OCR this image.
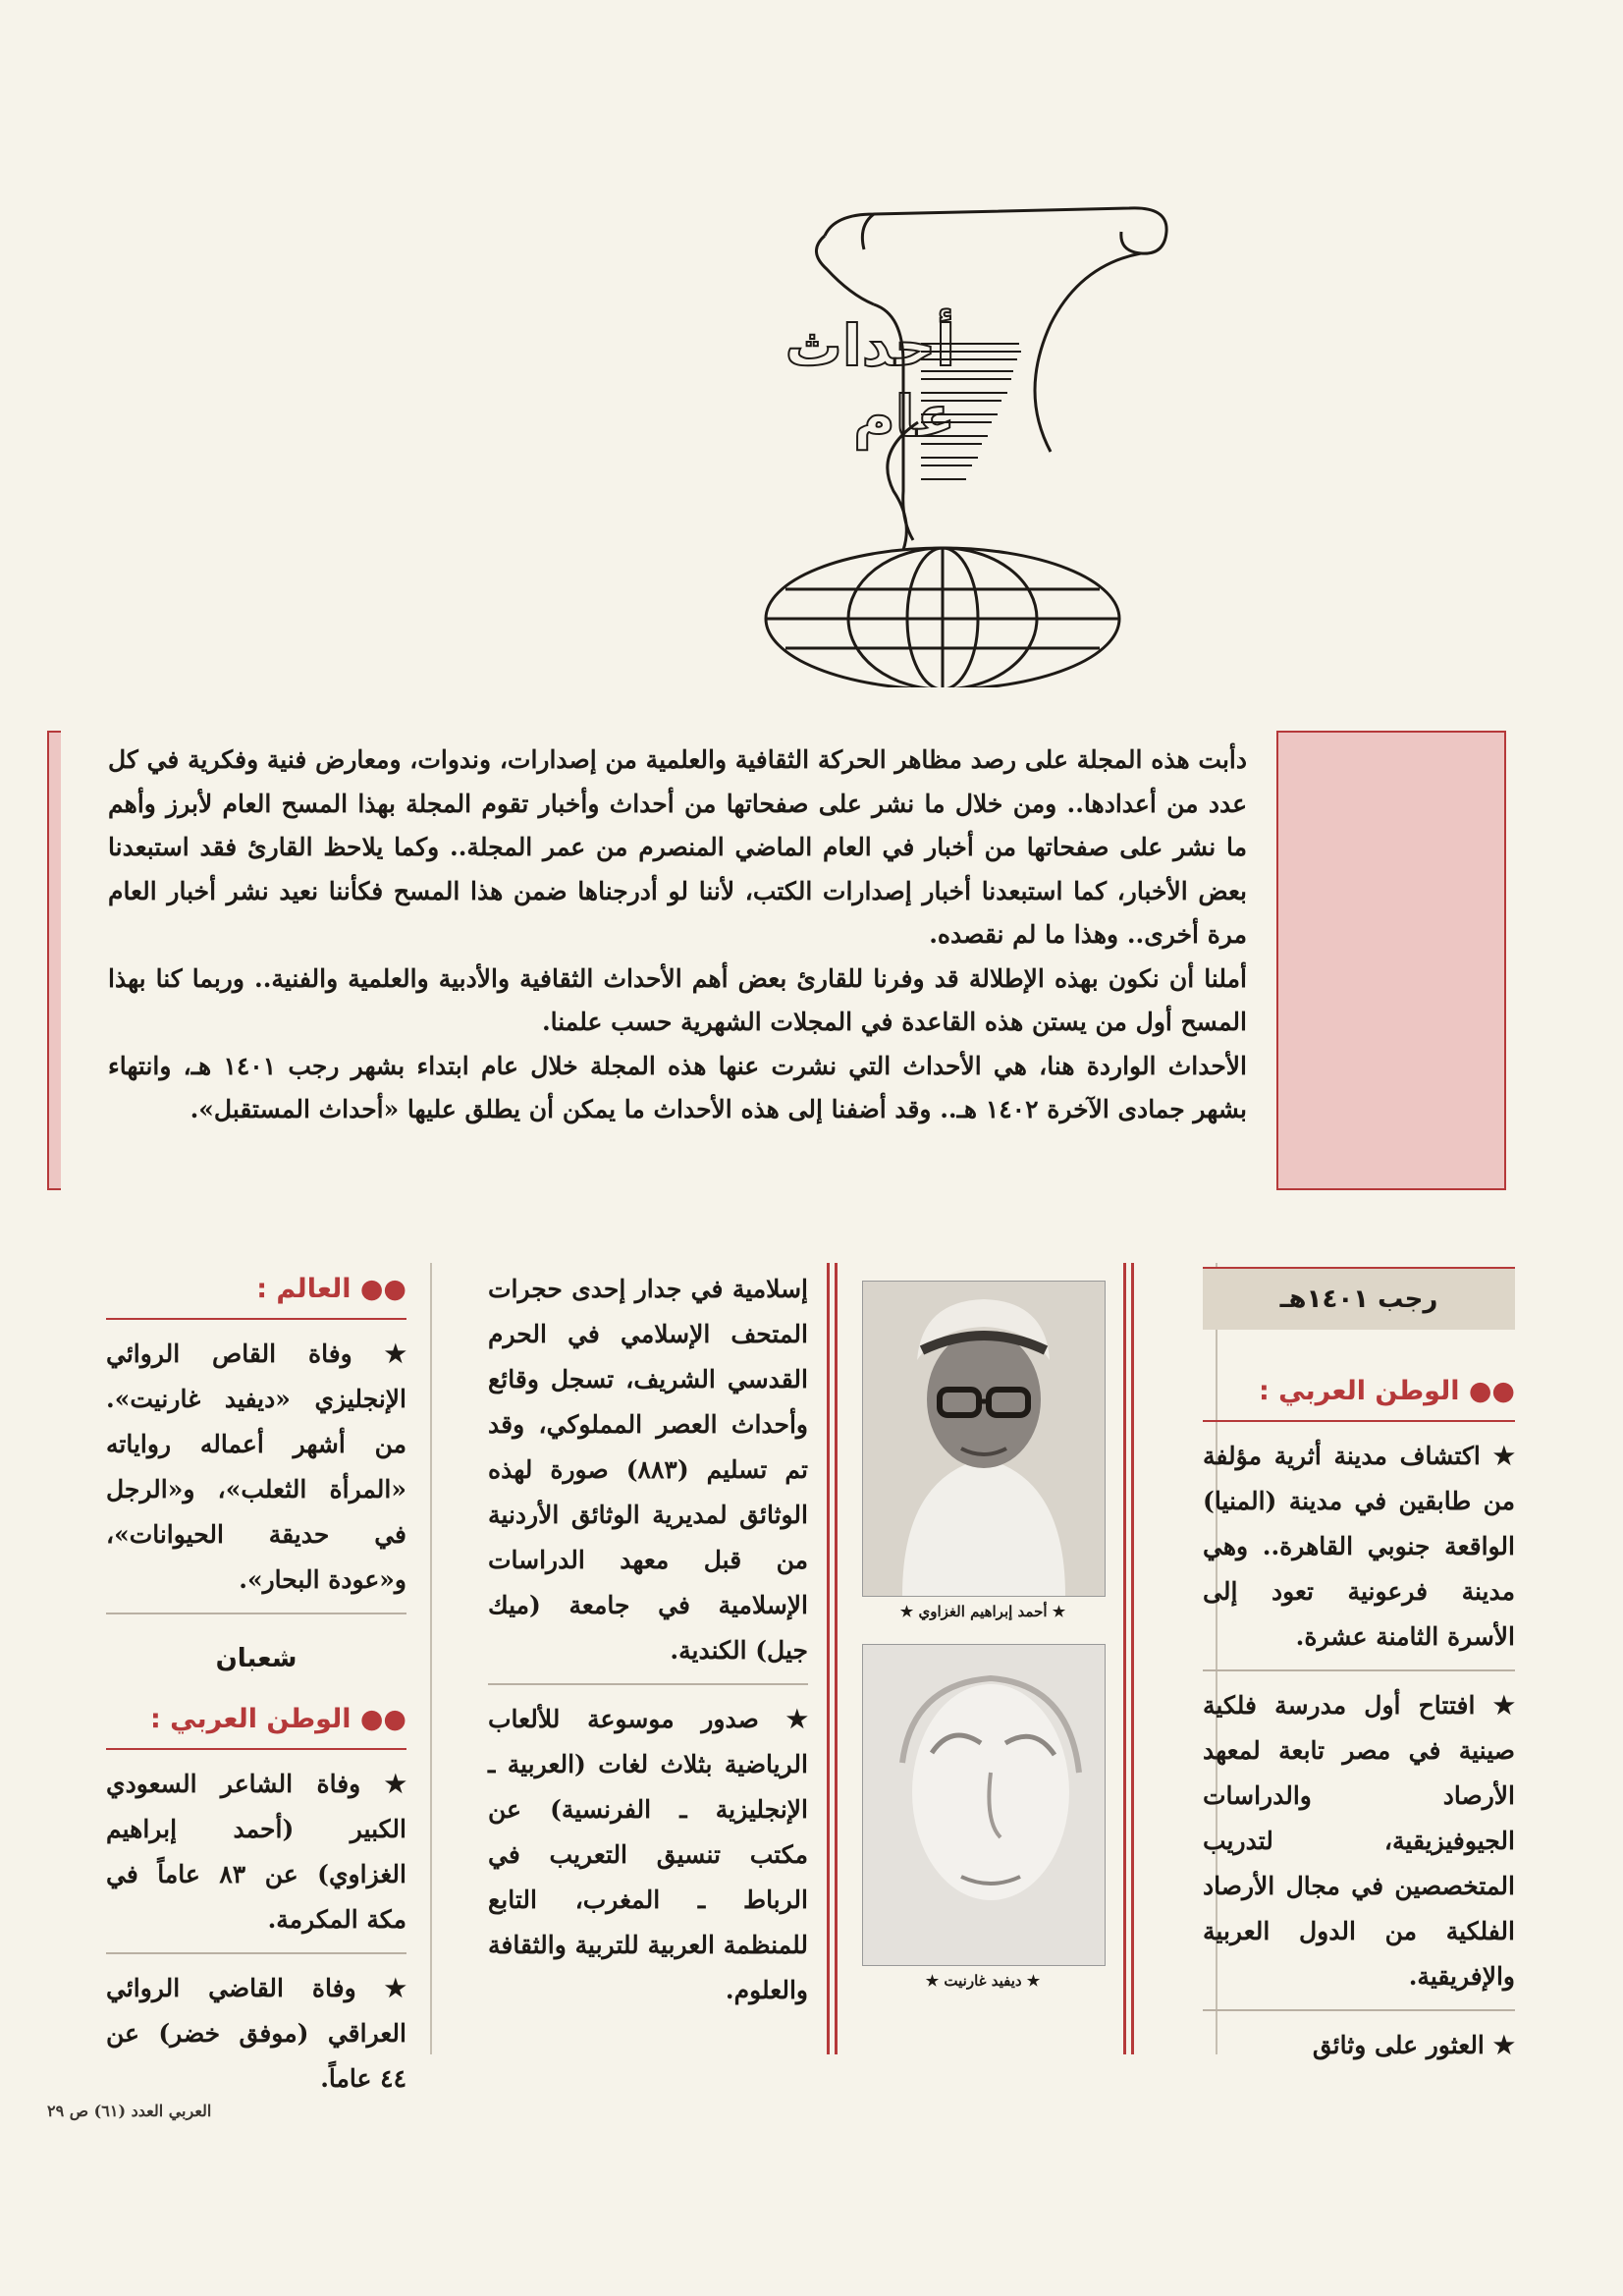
أحداث
عام

دأبت هذه المجلة على رصد مظاهر الحركة الثقافية والعلمية من إصدارات، وندوات، ومعارض فنية وفكرية في كل عدد من أعدادها.. ومن خلال ما نشر على صفحاتها من أحداث وأخبار تقوم المجلة بهذا المسح العام لأبرز وأهم ما نشر على صفحاتها من أخبار في العام الماضي المنصرم من عمر المجلة.. وكما يلاحظ القارئ فقد استبعدنا بعض الأخبار، كما استبعدنا أخبار إصدارات الكتب، لأننا لو أدرجناها ضمن هذا المسح فكأننا نعيد نشر أخبار العام مرة أخرى.. وهذا ما لم نقصده.

أملنا أن نكون بهذه الإطلالة قد وفرنا للقارئ بعض أهم الأحداث الثقافية والأدبية والعلمية والفنية.. وربما كنا بهذا المسح أول من يستن هذه القاعدة في المجلات الشهرية حسب علمنا.

الأحداث الواردة هنا، هي الأحداث التي نشرت عنها هذه المجلة خلال عام ابتداء بشهر رجب ١٤٠١ هـ، وانتهاء بشهر جمادى الآخرة ١٤٠٢ هـ.. وقد أضفنا إلى هذه الأحداث ما يمكن أن يطلق عليها «أحداث المستقبل».

رجب ١٤٠١هـ
●● الوطن العربي :

★ اكتشاف مدينة أثرية مؤلفة من طابقين في مدينة (المنيا) الواقعة جنوبي القاهرة.. وهي مدينة فرعونية تعود إلى الأسرة الثامنة عشرة.

★ افتتاح أول مدرسة فلكية صينية في مصر تابعة لمعهد الأرصاد والدراسات الجيوفيزيقية، لتدريب المتخصصين في مجال الأرصاد الفلكية من الدول العربية والإفريقية.

★ العثور على وثائق

★ أحمد إبراهيم الغزاوي ★
★ ديفيد غارنيت ★

إسلامية في جدار إحدى حجرات المتحف الإسلامي في الحرم القدسي الشريف، تسجل وقائع وأحداث العصر المملوكي، وقد تم تسليم (٨٨٣) صورة لهذه الوثائق لمديرية الوثائق الأردنية من قبل معهد الدراسات الإسلامية في جامعة (ميك جيل) الكندية.

★ صدور موسوعة للألعاب الرياضية بثلاث لغات (العربية ـ الإنجليزية ـ الفرنسية) عن مكتب تنسيق التعريب في الرباط ـ المغرب، التابع للمنظمة العربية للتربية والثقافة والعلوم.

●● العالم :

★ وفاة القاص الروائي الإنجليزي «ديفيد غارنيت». من أشهر أعماله رواياته «المرأة الثعلب»، و«الرجل في حديقة الحيوانات»، و«عودة البحار».

شعبان
●● الوطن العربي :

★ وفاة الشاعر السعودي الكبير (أحمد إبراهيم الغزاوي) عن ٨٣ عاماً في مكة المكرمة.

★ وفاة القاضي الروائي العراقي (موفق خضر) عن ٤٤ عاماً.

العربي العدد (٦١) ص ٢٩
